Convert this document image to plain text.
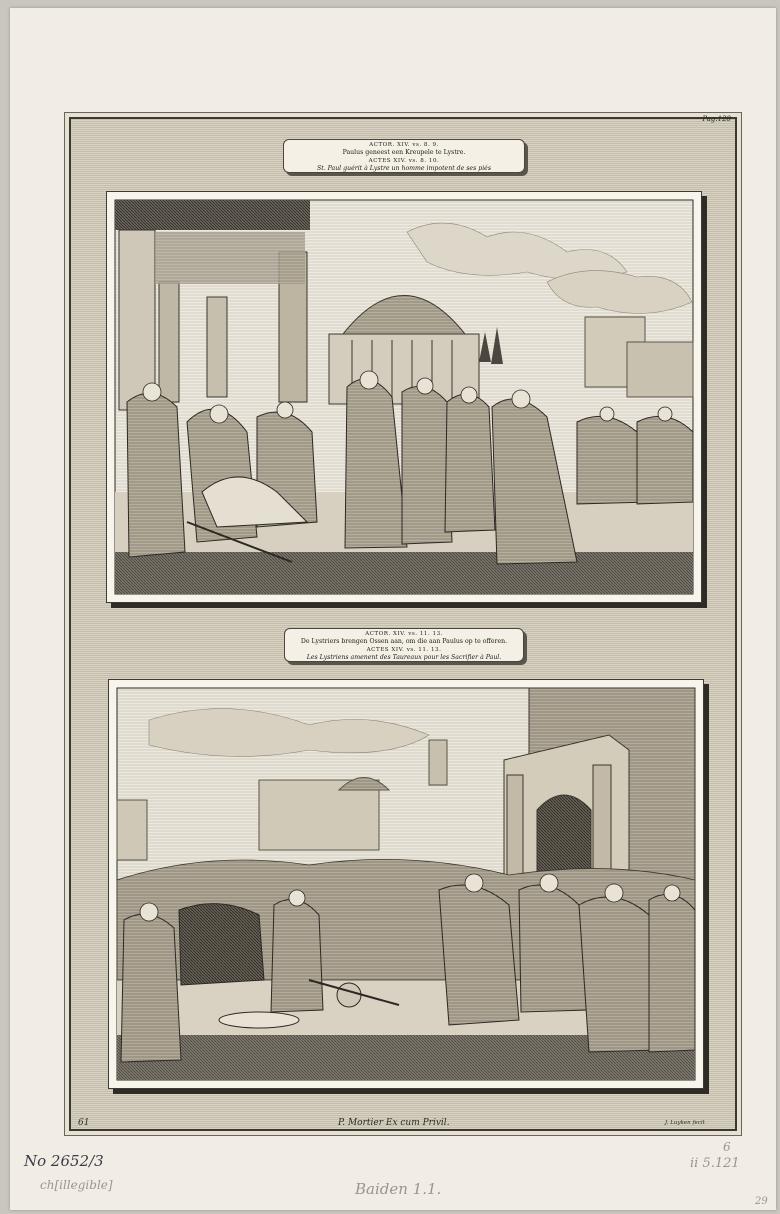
Pag.128
ACTOR. XIV. vs. 8. 9.
Paulus geneest een Kreupele te Lystre.
ACTES XIV. vs. 8. 10.
St. Paul guérit à Lystre un homme impotent de ses piés
ACTOR. XIV. vs. 11. 13.
De Lystriers brengen Ossen aan, om die aan Paulus op te offeren.
ACTES XIV. vs. 11. 13.
Les Lystriens amenent des Taureaux pour les Sacrifier à Paul.
61	P. Mortier Ex cum Privil.	J. Luyken fecit
No 2652/3
ch[illegible]	Baiden 1.1.
6
ii 5.121
29
